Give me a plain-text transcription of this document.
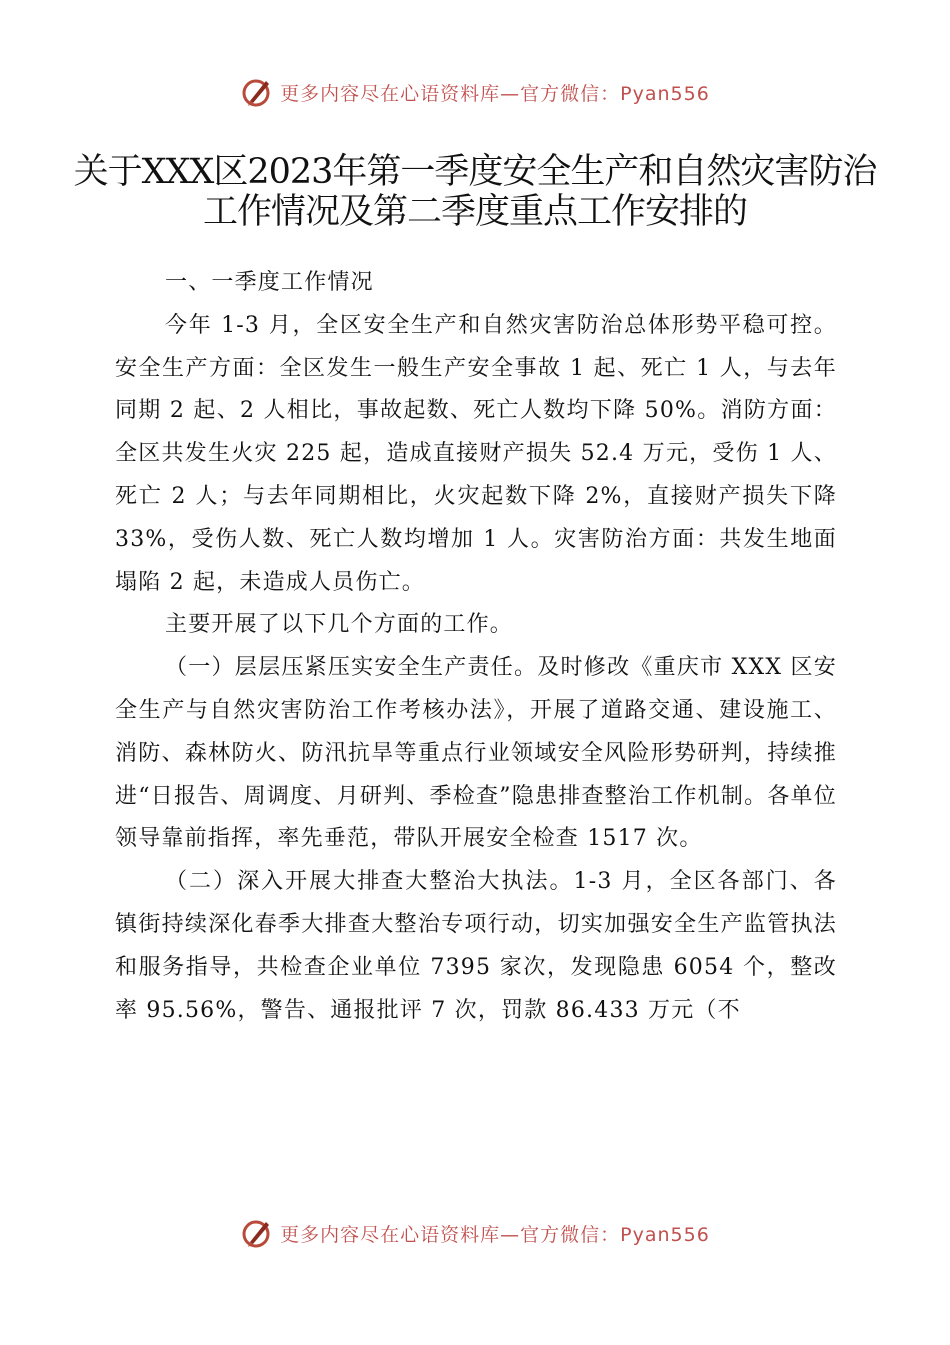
更多内容尽在心语资料库—官方微信：Pyan556
关于XXX区2023年第一季度安全生产和自然灾害防治工作情况及第二季度重点工作安排的

一、一季度工作情况

今年 1-3 月，全区安全生产和自然灾害防治总体形势平稳可控。安全生产方面：全区发生一般生产安全事故 1 起、死亡 1 人，与去年同期 2 起、2 人相比，事故起数、死亡人数均下降 50%。消防方面：全区共发生火灾 225 起，造成直接财产损失 52.4 万元，受伤 1 人、死亡 2 人；与去年同期相比，火灾起数下降 2%，直接财产损失下降 33%，受伤人数、死亡人数均增加 1 人。灾害防治方面：共发生地面塌陷 2 起，未造成人员伤亡。

主要开展了以下几个方面的工作。

（一）层层压紧压实安全生产责任。及时修改《重庆市 XXX 区安全生产与自然灾害防治工作考核办法》，开展了道路交通、建设施工、消防、森林防火、防汛抗旱等重点行业领域安全风险形势研判，持续推进“日报告、周调度、月研判、季检查”隐患排查整治工作机制。各单位领导靠前指挥，率先垂范，带队开展安全检查 1517 次。

（二）深入开展大排查大整治大执法。1-3 月，全区各部门、各镇街持续深化春季大排查大整治专项行动，切实加强安全生产监管执法和服务指导，共检查企业单位 7395 家次，发现隐患 6054 个，整改率 95.56%，警告、通报批评 7 次，罚款 86.433 万元（不

更多内容尽在心语资料库—官方微信：Pyan556
